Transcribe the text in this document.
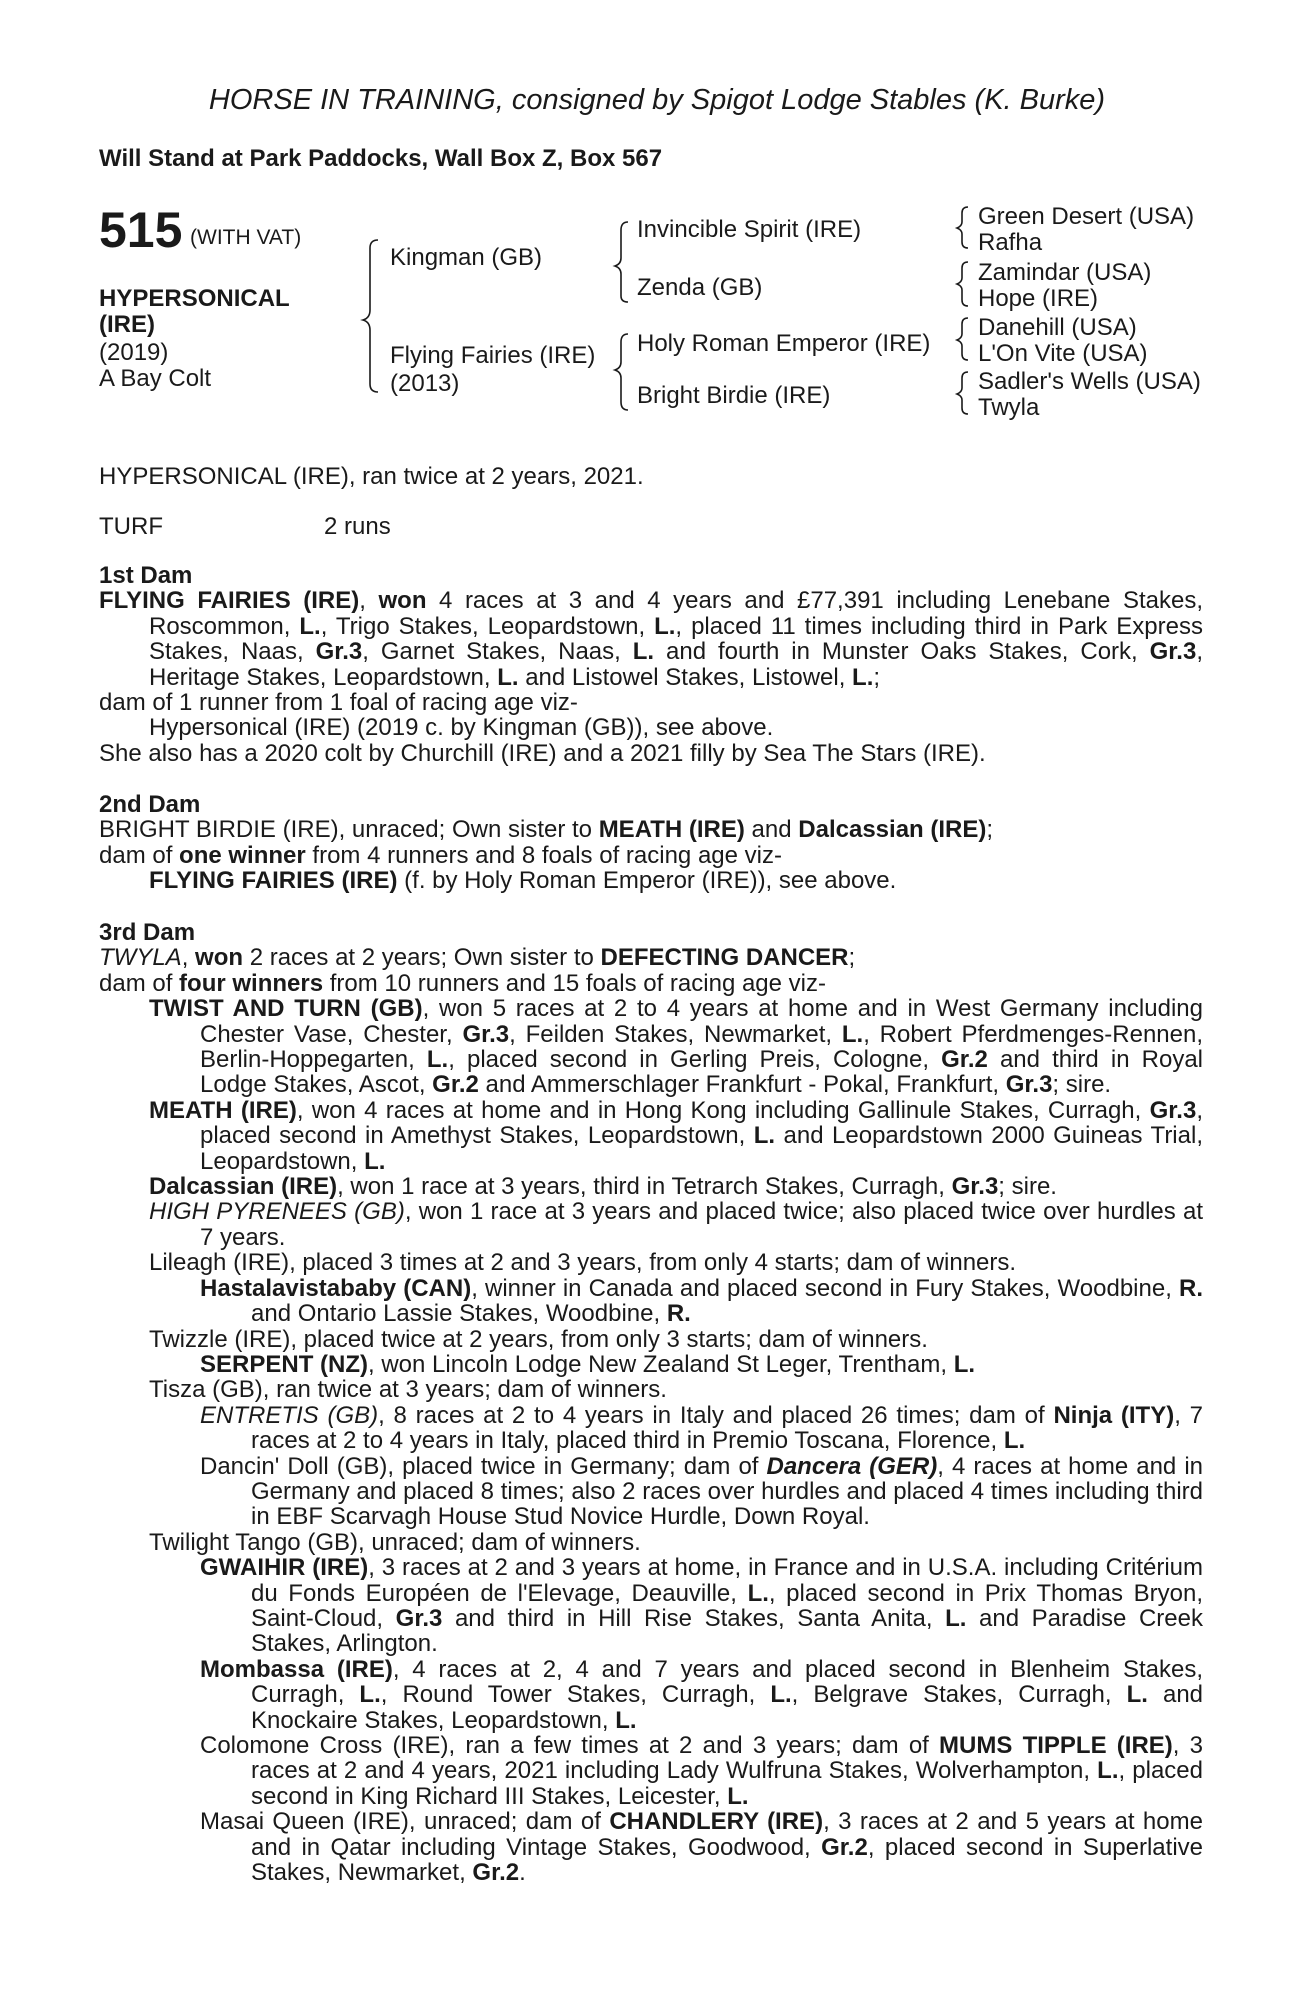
HORSE IN TRAINING, consigned by Spigot Lodge Stables (K. Burke)
Will Stand at Park Paddocks, Wall Box Z, Box 567
515 (WITH VAT)
HYPERSONICAL
(IRE)
(2019)
A Bay Colt
Kingman (GB)
Flying Fairies (IRE)
(2013)
Invincible Spirit (IRE)
Zenda (GB)
Holy Roman Emperor (IRE)
Bright Birdie (IRE)
Green Desert (USA)
Rafha
Zamindar (USA)
Hope (IRE)
Danehill (USA)
L'On Vite (USA)
Sadler's Wells (USA)
Twyla
HYPERSONICAL (IRE), ran twice at 2 years, 2021.
TURF	2 runs

1st Dam

FLYING FAIRIES (IRE), won 4 races at 3 and 4 years and £77,391 including Lenebane Stakes, Roscommon, L., Trigo Stakes, Leopardstown, L., placed 11 times including third in Park Express Stakes, Naas, Gr.3, Garnet Stakes, Naas, L. and fourth in Munster Oaks Stakes, Cork, Gr.3, Heritage Stakes, Leopardstown, L. and Listowel Stakes, Listowel, L.;

dam of 1 runner from 1 foal of racing age viz-

Hypersonical (IRE) (2019 c. by Kingman (GB)), see above.

She also has a 2020 colt by Churchill (IRE) and a 2021 filly by Sea The Stars (IRE).

2nd Dam

BRIGHT BIRDIE (IRE), unraced; Own sister to MEATH (IRE) and Dalcassian (IRE);

dam of one winner from 4 runners and 8 foals of racing age viz-

FLYING FAIRIES (IRE) (f. by Holy Roman Emperor (IRE)), see above.

3rd Dam

TWYLA, won 2 races at 2 years; Own sister to DEFECTING DANCER;

dam of four winners from 10 runners and 15 foals of racing age viz-

TWIST AND TURN (GB), won 5 races at 2 to 4 years at home and in West Germany including Chester Vase, Chester, Gr.3, Feilden Stakes, Newmarket, L., Robert Pferdmenges-Rennen, Berlin-Hoppegarten, L., placed second in Gerling Preis, Cologne, Gr.2 and third in Royal Lodge Stakes, Ascot, Gr.2 and Ammerschlager Frankfurt - Pokal, Frankfurt, Gr.3; sire.

MEATH (IRE), won 4 races at home and in Hong Kong including Gallinule Stakes, Curragh, Gr.3, placed second in Amethyst Stakes, Leopardstown, L. and Leopardstown 2000 Guineas Trial, Leopardstown, L.

Dalcassian (IRE), won 1 race at 3 years, third in Tetrarch Stakes, Curragh, Gr.3; sire.

HIGH PYRENEES (GB), won 1 race at 3 years and placed twice; also placed twice over hurdles at 7 years.

Lileagh (IRE), placed 3 times at 2 and 3 years, from only 4 starts; dam of winners.

Hastalavistababy (CAN), winner in Canada and placed second in Fury Stakes, Woodbine, R. and Ontario Lassie Stakes, Woodbine, R.

Twizzle (IRE), placed twice at 2 years, from only 3 starts; dam of winners.

SERPENT (NZ), won Lincoln Lodge New Zealand St Leger, Trentham, L.

Tisza (GB), ran twice at 3 years; dam of winners.

ENTRETIS (GB), 8 races at 2 to 4 years in Italy and placed 26 times; dam of Ninja (ITY), 7 races at 2 to 4 years in Italy, placed third in Premio Toscana, Florence, L.

Dancin' Doll (GB), placed twice in Germany; dam of Dancera (GER), 4 races at home and in Germany and placed 8 times; also 2 races over hurdles and placed 4 times including third in EBF Scarvagh House Stud Novice Hurdle, Down Royal.

Twilight Tango (GB), unraced; dam of winners.

GWAIHIR (IRE), 3 races at 2 and 3 years at home, in France and in U.S.A. including Critérium du Fonds Européen de l'Elevage, Deauville, L., placed second in Prix Thomas Bryon, Saint-Cloud, Gr.3 and third in Hill Rise Stakes, Santa Anita, L. and Paradise Creek Stakes, Arlington.

Mombassa (IRE), 4 races at 2, 4 and 7 years and placed second in Blenheim Stakes, Curragh, L., Round Tower Stakes, Curragh, L., Belgrave Stakes, Curragh, L. and Knockaire Stakes, Leopardstown, L.

Colomone Cross (IRE), ran a few times at 2 and 3 years; dam of MUMS TIPPLE (IRE), 3 races at 2 and 4 years, 2021 including Lady Wulfruna Stakes, Wolverhampton, L., placed second in King Richard III Stakes, Leicester, L.

Masai Queen (IRE), unraced; dam of CHANDLERY (IRE), 3 races at 2 and 5 years at home and in Qatar including Vintage Stakes, Goodwood, Gr.2, placed second in Superlative Stakes, Newmarket, Gr.2.
